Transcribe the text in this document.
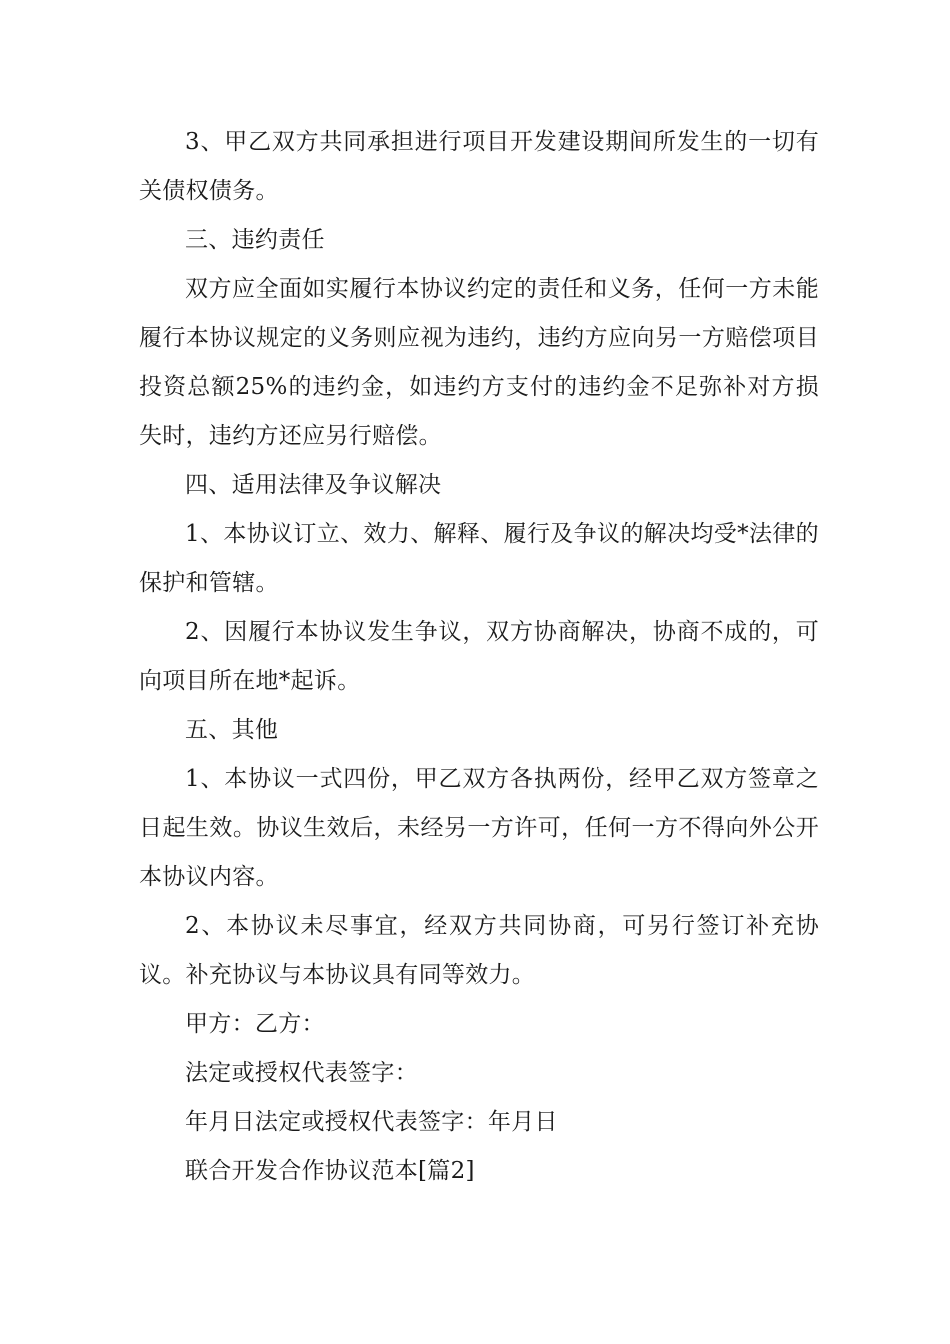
3、甲乙双方共同承担进行项目开发建设期间所发生的一切有关债权债务。

三、违约责任

双方应全面如实履行本协议约定的责任和义务，任何一方未能履行本协议规定的义务则应视为违约，违约方应向另一方赔偿项目投资总额25%的违约金，如违约方支付的违约金不足弥补对方损失时，违约方还应另行赔偿。

四、适用法律及争议解决

1、本协议订立、效力、解释、履行及争议的解决均受*法律的保护和管辖。

2、因履行本协议发生争议，双方协商解决，协商不成的，可向项目所在地*起诉。

五、其他

1、本协议一式四份，甲乙双方各执两份，经甲乙双方签章之日起生效。协议生效后，未经另一方许可，任何一方不得向外公开本协议内容。

2、本协议未尽事宜，经双方共同协商，可另行签订补充协议。补充协议与本协议具有同等效力。

甲方：乙方：

法定或授权代表签字：

年月日法定或授权代表签字：年月日

联合开发合作协议范本[篇2]
